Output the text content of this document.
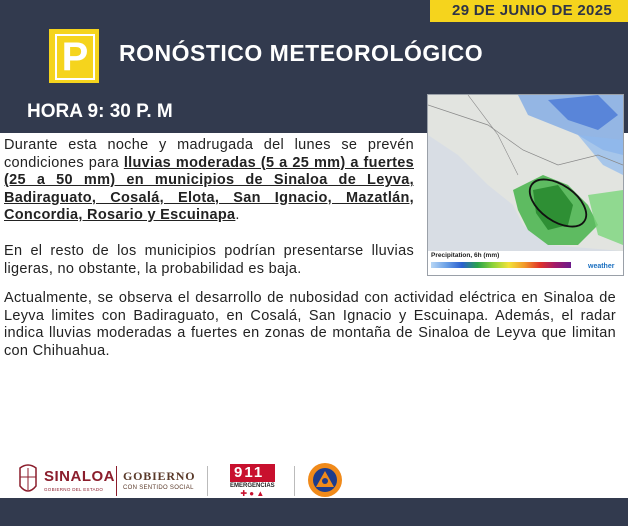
29 DE JUNIO DE 2025
P RONÓSTICO METEOROLÓGICO
HORA 9: 30 P. M
Precipitation, 6h (mm)
weather
Durante esta noche y madrugada del lunes se prevén condiciones para lluvias moderadas (5 a 25 mm) a fuertes (25 a 50 mm) en municipios de Sinaloa de Leyva, Badiraguato, Cosalá, Elota, San Ignacio, Mazatlán, Concordia, Rosario y Escuinapa.
En el resto de los municipios podrían presentarse lluvias ligeras, no obstante, la probabilidad es baja.
Actualmente, se observa el desarrollo de nubosidad con actividad eléctrica en Sinaloa de Leyva limites con Badiraguato, en Cosalá, San Ignacio y Escuinapa. Además, el radar indica lluvias moderadas a fuertes en zonas de montaña de Sinaloa de Leyva que limitan con Chihuahua.
SINALOA
GOBIERNO DEL ESTADO
GOBIERNO
CON SENTIDO SOCIAL
911
EMERGENCIAS
✚ ● ▲
